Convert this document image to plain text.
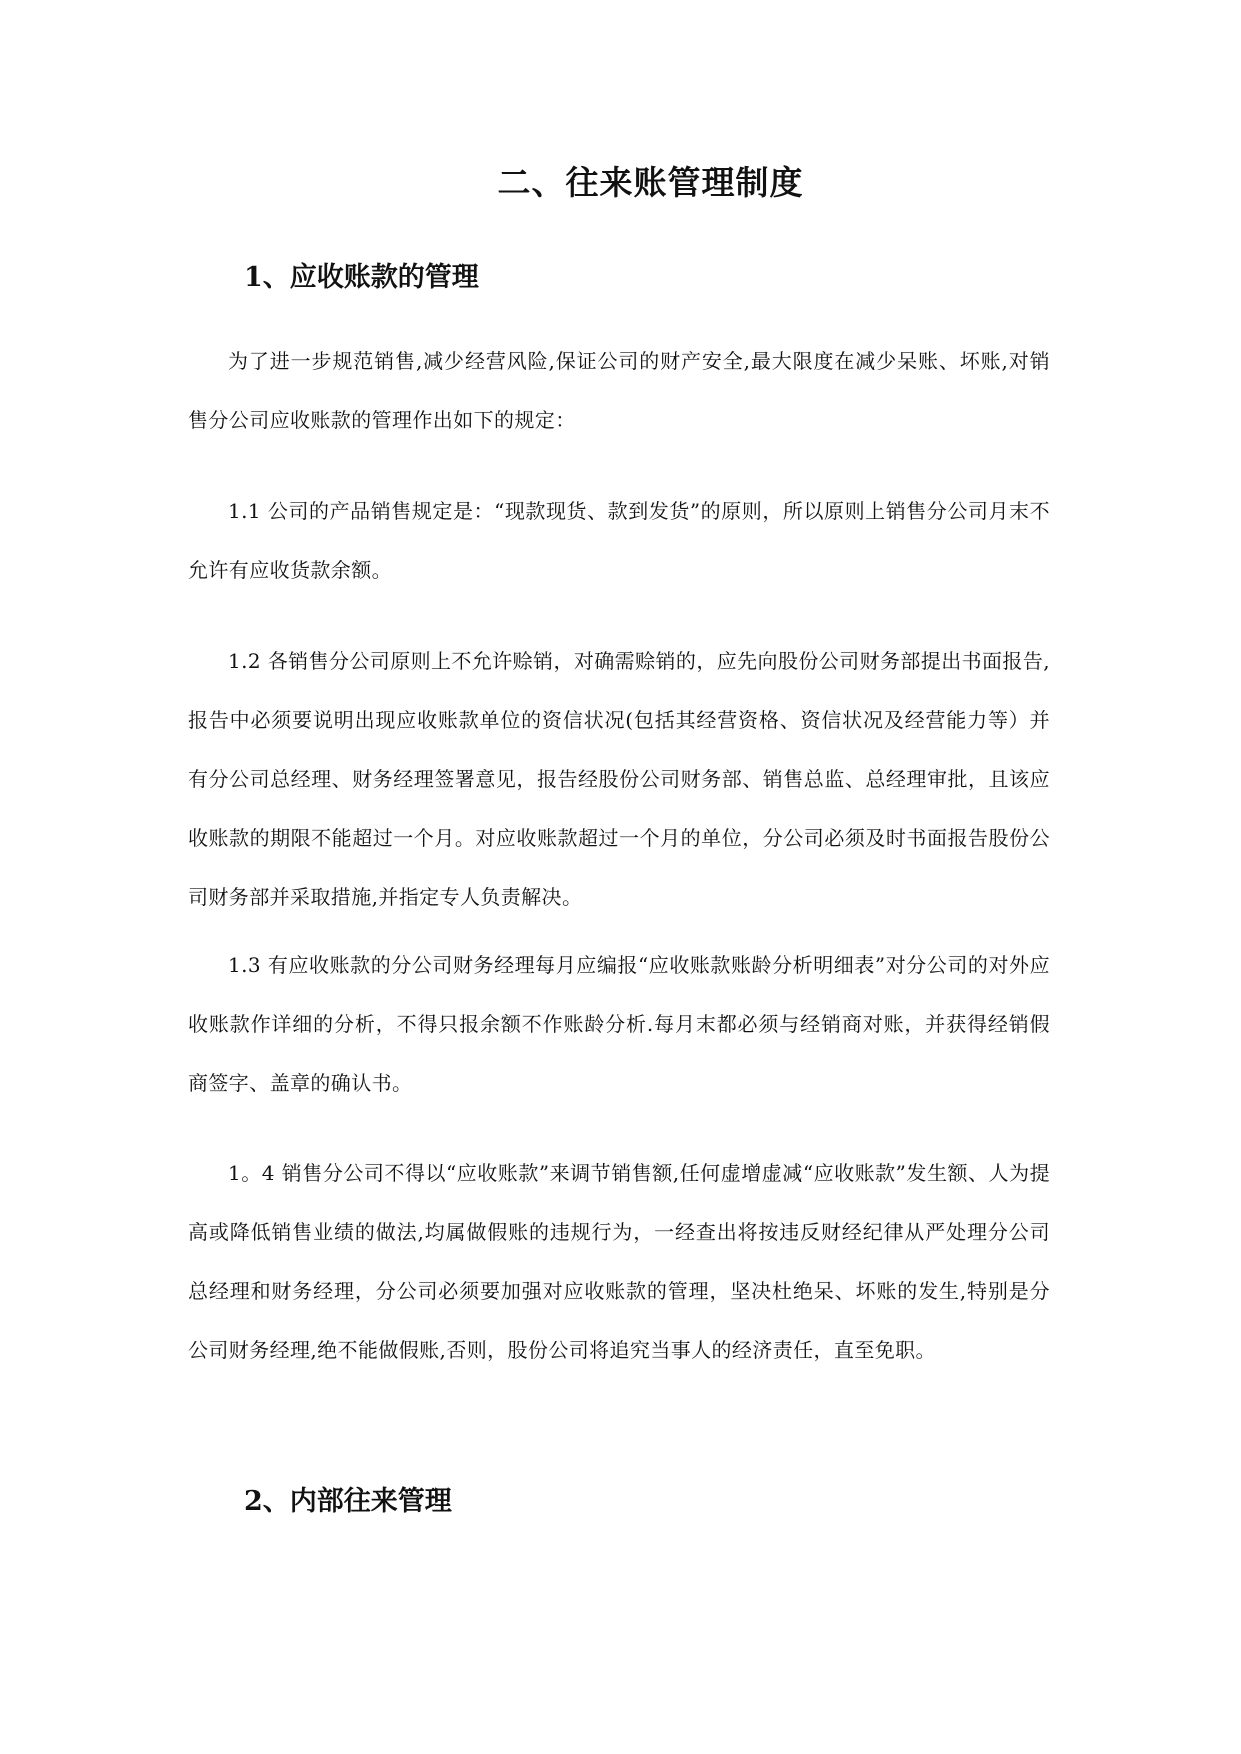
二、往来账管理制度
1、应收账款的管理

为了进一步规范销售,减少经营风险,保证公司的财产安全,最大限度在减少呆账、坏账,对销售分公司应收账款的管理作出如下的规定：

1.1 公司的产品销售规定是：“现款现货、款到发货”的原则，所以原则上销售分公司月末不允许有应收货款余额。

1.2 各销售分公司原则上不允许赊销，对确需赊销的，应先向股份公司财务部提出书面报告,报告中必须要说明出现应收账款单位的资信状况(包括其经营资格、资信状况及经营能力等）并有分公司总经理、财务经理签署意见，报告经股份公司财务部、销售总监、总经理审批，且该应收账款的期限不能超过一个月。对应收账款超过一个月的单位，分公司必须及时书面报告股份公司财务部并采取措施,并指定专人负责解决。

1.3 有应收账款的分公司财务经理每月应编报“应收账款账龄分析明细表”对分公司的对外应收账款作详细的分析，不得只报余额不作账龄分析.每月末都必须与经销商对账，并获得经销假商签字、盖章的确认书。

1。4 销售分公司不得以“应收账款”来调节销售额,任何虚增虚减“应收账款”发生额、人为提高或降低销售业绩的做法,均属做假账的违规行为，一经查出将按违反财经纪律从严处理分公司总经理和财务经理，分公司必须要加强对应收账款的管理，坚决杜绝呆、坏账的发生,特别是分公司财务经理,绝不能做假账,否则，股份公司将追究当事人的经济责任，直至免职。

2、内部往来管理
